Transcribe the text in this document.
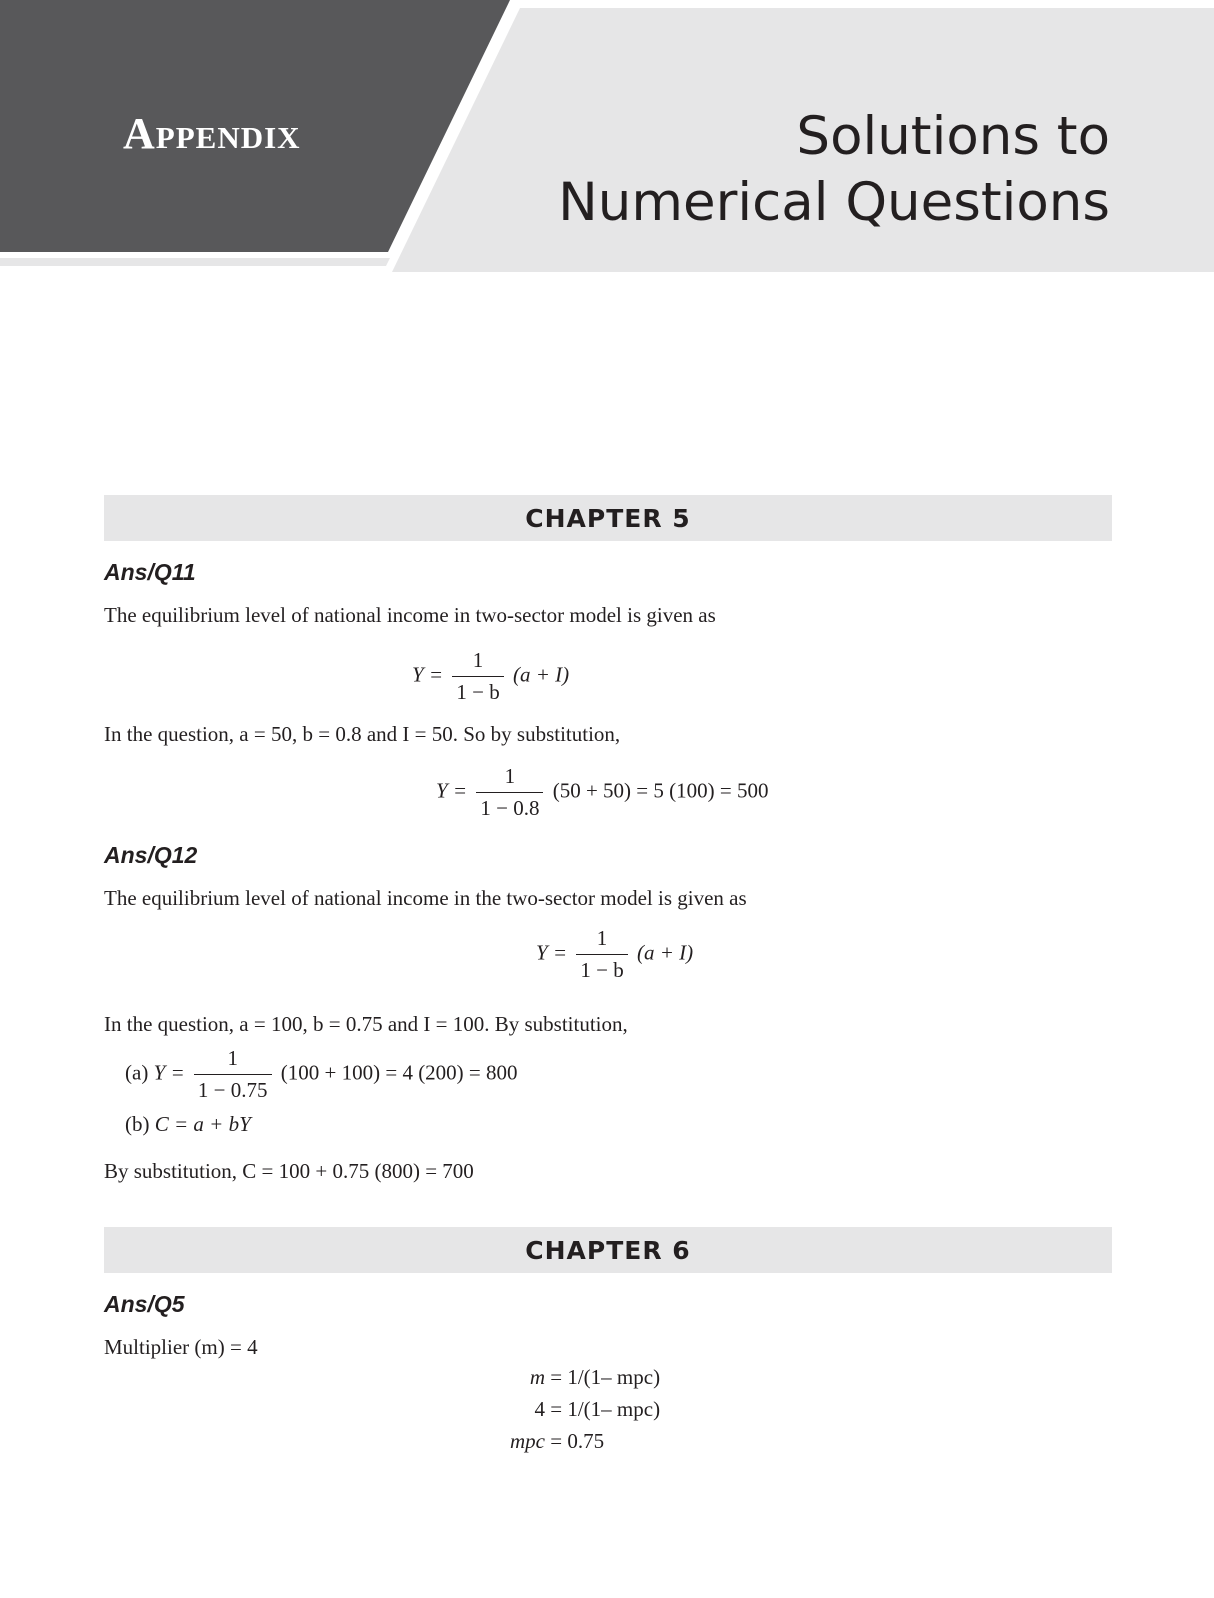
Appendix	Solutions to
Numerical Questions
CHAPTER 5
Ans/Q11
The equilibrium level of national income in two-sector model is given as
$Y = \frac{1}{1 - b} (a + I)$
In the question, a = 50, b = 0.8 and I = 50. So by substitution,
$Y = \frac{1}{1 - 0.8} (50 + 50) = 5$ (100) = 500
Ans/Q12
The equilibrium level of national income in the two-sector model is given as
$Y = \frac{1}{1 - b} (a + I)$
In the question, a = 100, b = 0.75 and I = 100. By substitution,
(a) $Y = \frac{1}{1 - 0.75} (100 + 100) = 4$ (200) = 800
(b) C = a + bY
By substitution, C = 100 + 0.75 (800) = 700
CHAPTER 6
Ans/Q5
Multiplier (m) = 4
m = 1/(1– mpc)
4 = 1/(1– mpc)
mpc = 0.75
